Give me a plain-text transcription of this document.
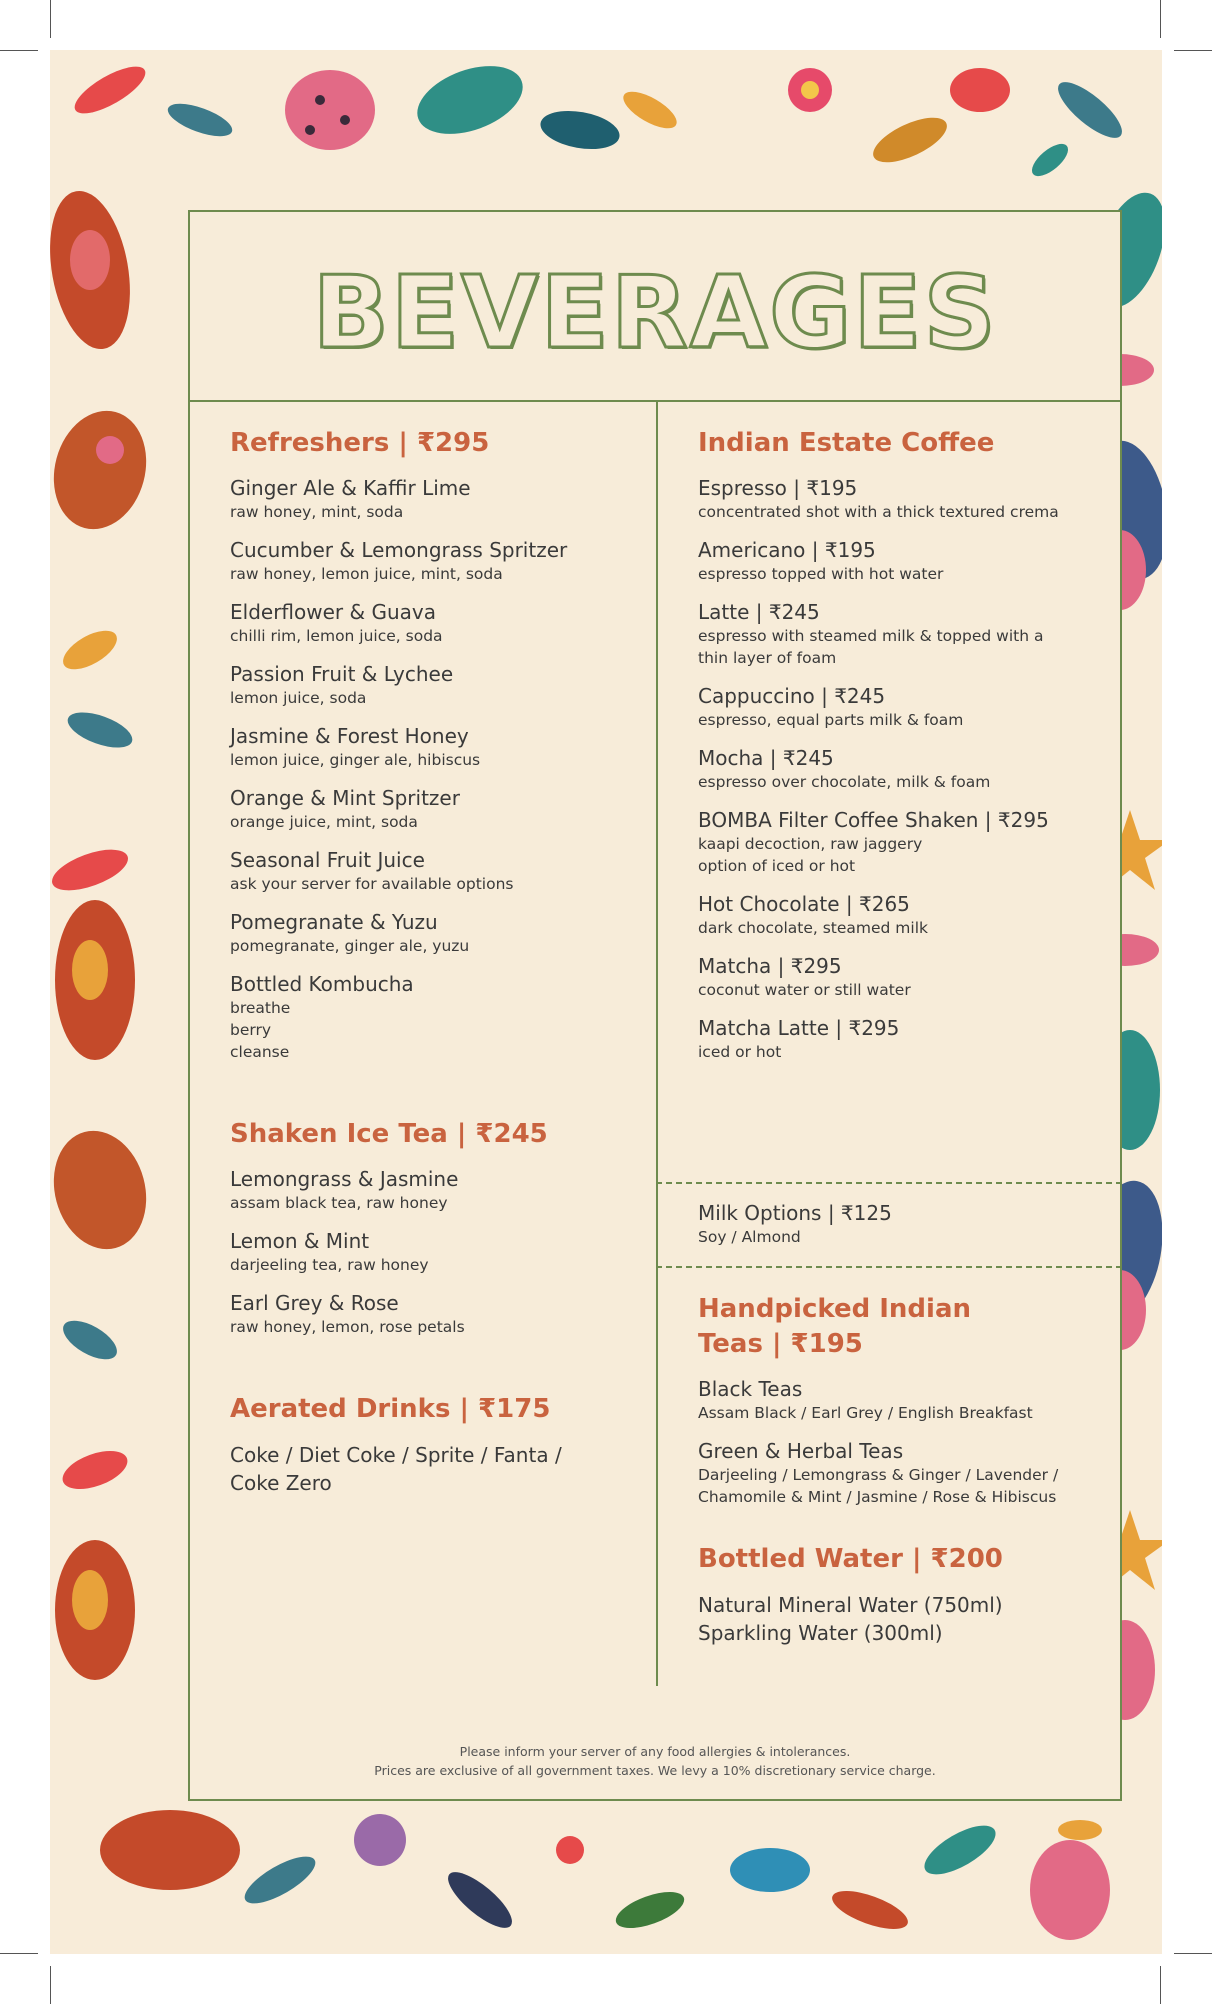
BEVERAGES
Refreshers | ₹295
Ginger Ale & Kaffir Lime
raw honey, mint, soda
Cucumber & Lemongrass Spritzer
raw honey, lemon juice, mint, soda
Elderflower & Guava
chilli rim, lemon juice, soda
Passion Fruit & Lychee
lemon juice, soda
Jasmine & Forest Honey
lemon juice, ginger ale, hibiscus
Orange & Mint Spritzer
orange juice, mint, soda
Seasonal Fruit Juice
ask your server for available options
Pomegranate & Yuzu
pomegranate, ginger ale, yuzu
Bottled Kombucha
breathe
berry
cleanse
Shaken Ice Tea | ₹245
Lemongrass & Jasmine
assam black tea, raw honey
Lemon & Mint
darjeeling tea, raw honey
Earl Grey & Rose
raw honey, lemon, rose petals
Aerated Drinks | ₹175
Coke / Diet Coke / Sprite / Fanta /
Coke Zero
Indian Estate Coffee
Espresso | ₹195
concentrated shot with a thick textured crema
Americano | ₹195
espresso topped with hot water
Latte | ₹245
espresso with steamed milk & topped with a
thin layer of foam
Cappuccino | ₹245
espresso, equal parts milk & foam
Mocha | ₹245
espresso over chocolate, milk & foam
BOMBA Filter Coffee Shaken | ₹295
kaapi decoction, raw jaggery
option of iced or hot
Hot Chocolate | ₹265
dark chocolate, steamed milk
Matcha | ₹295
coconut water or still water
Matcha Latte | ₹295
iced or hot
Milk Options | ₹125
Soy / Almond
Handpicked Indian
Teas | ₹195
Black Teas
Assam Black / Earl Grey / English Breakfast
Green & Herbal Teas
Darjeeling / Lemongrass & Ginger / Lavender /
Chamomile & Mint / Jasmine / Rose & Hibiscus
Bottled Water | ₹200
Natural Mineral Water (750ml)
Sparkling Water (300ml)
Please inform your server of any food allergies & intolerances.
Prices are exclusive of all government taxes. We levy a 10% discretionary service charge.
